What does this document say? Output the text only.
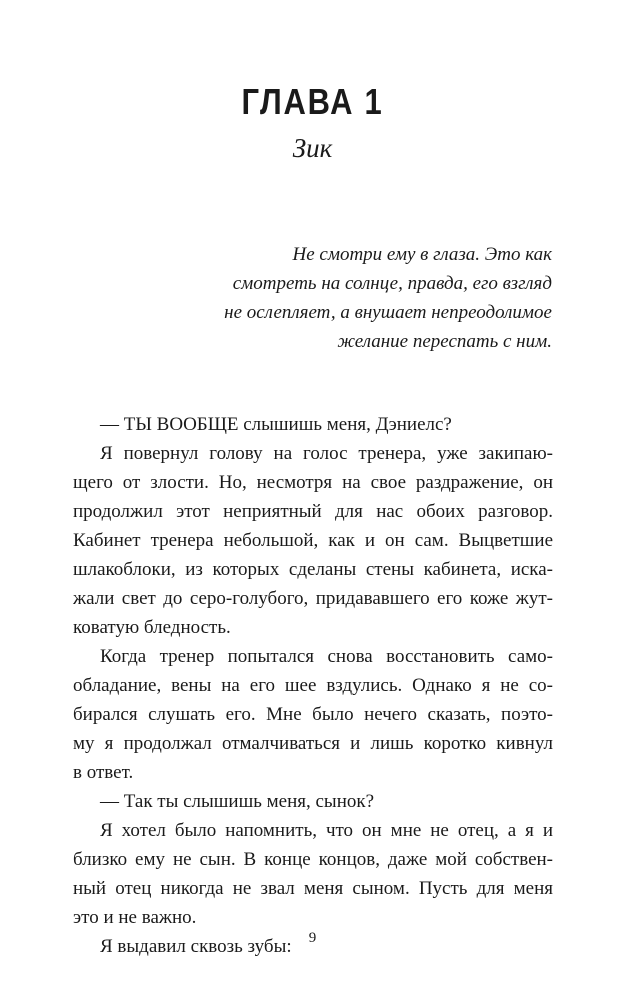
ГЛАВА 1
Зик
Не смотри ему в глаза. Это как
смотреть на солнце, правда, его взгляд
не ослепляет, а внушает непреодолимое
желание переспать с ним.
— ТЫ ВООБЩЕ слышишь меня, Дэниелс?
Я повернул голову на голос тренера, уже закипаю-
щего от злости. Но, несмотря на свое раздражение, он
продолжил этот неприятный для нас обоих разговор.
Кабинет тренера небольшой, как и он сам. Выцветшие
шлакоблоки, из которых сделаны стены кабинета, иска-
жали свет до серо-голубого, придававшего его коже жут-
коватую бледность.
Когда тренер попытался снова восстановить само-
обладание, вены на его шее вздулись. Однако я не со-
бирался слушать его. Мне было нечего сказать, поэто-
му я продолжал отмалчиваться и лишь коротко кивнул
в ответ.
— Так ты слышишь меня, сынок?
Я хотел было напомнить, что он мне не отец, а я и
близко ему не сын. В конце концов, даже мой собствен-
ный отец никогда не звал меня сыном. Пусть для меня
это и не важно.
Я выдавил сквозь зубы:	9
